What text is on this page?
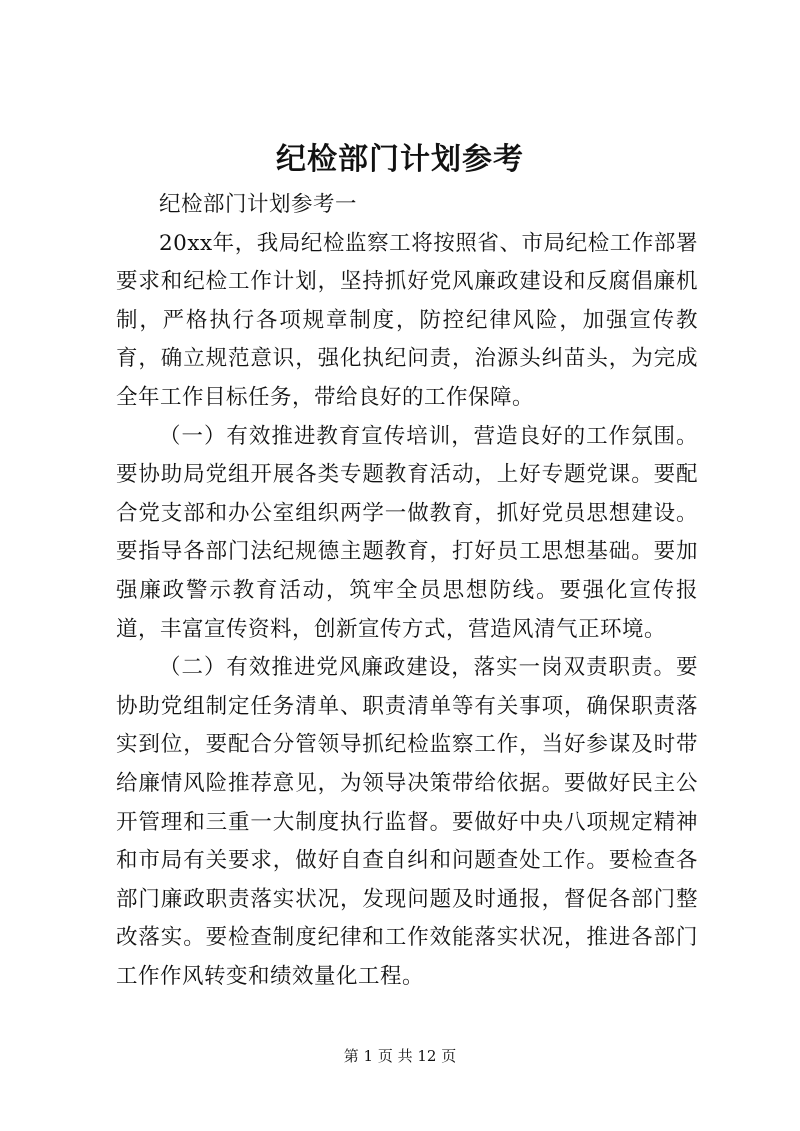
纪检部门计划参考

纪检部门计划参考一

20xx年，我局纪检监察工将按照省、市局纪检工作部署要求和纪检工作计划，坚持抓好党风廉政建设和反腐倡廉机制，严格执行各项规章制度，防控纪律风险，加强宣传教育，确立规范意识，强化执纪问责，治源头纠苗头，为完成全年工作目标任务，带给良好的工作保障。

（一）有效推进教育宣传培训，营造良好的工作氛围。要协助局党组开展各类专题教育活动，上好专题党课。要配合党支部和办公室组织两学一做教育，抓好党员思想建设。要指导各部门法纪规德主题教育，打好员工思想基础。要加强廉政警示教育活动，筑牢全员思想防线。要强化宣传报道，丰富宣传资料，创新宣传方式，营造风清气正环境。

（二）有效推进党风廉政建设，落实一岗双责职责。要协助党组制定任务清单、职责清单等有关事项，确保职责落实到位，要配合分管领导抓纪检监察工作，当好参谋及时带给廉情风险推荐意见，为领导决策带给依据。要做好民主公开管理和三重一大制度执行监督。要做好中央八项规定精神和市局有关要求，做好自查自纠和问题查处工作。要检查各部门廉政职责落实状况，发现问题及时通报，督促各部门整改落实。要检查制度纪律和工作效能落实状况，推进各部门工作作风转变和绩效量化工程。

第 1 页 共 12 页
